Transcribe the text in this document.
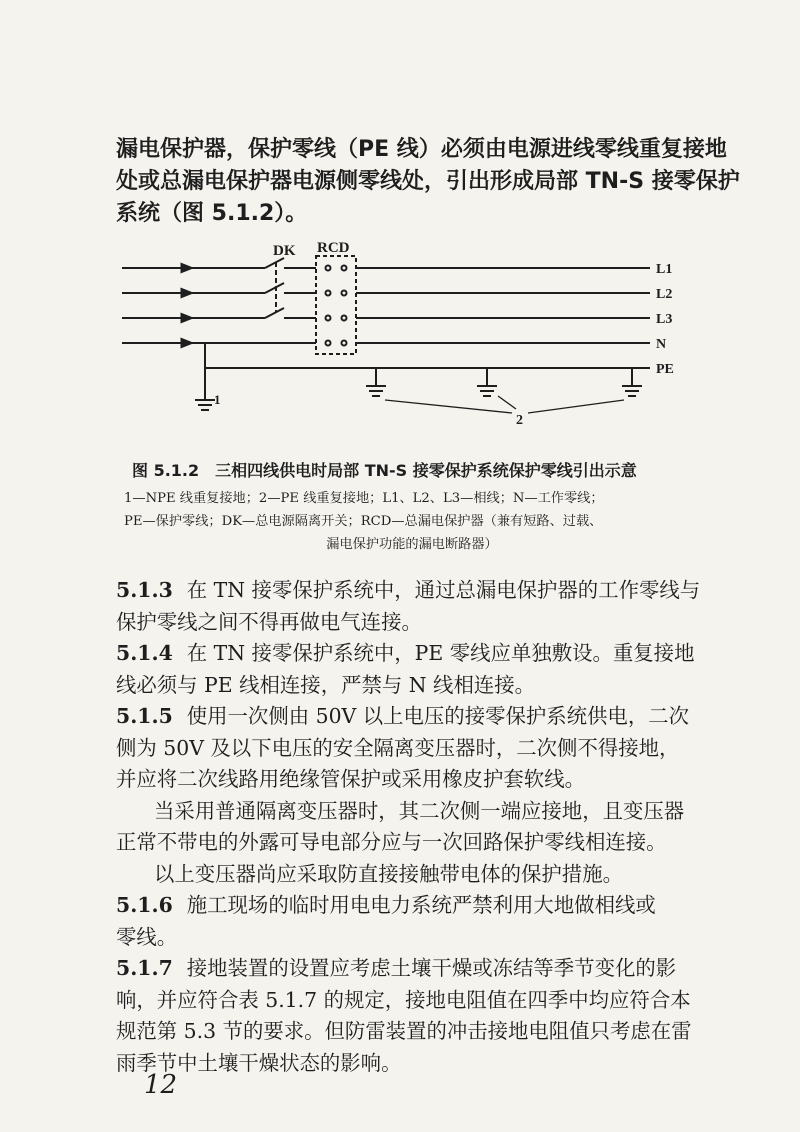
漏电保护器，保护零线（PE 线）必须由电源进线零线重复接地
处或总漏电保护器电源侧零线处，引出形成局部 TN-S 接零保护
系统（图 5.1.2）。
DK RCD
L1
L2
L3
N
PE
1
2
图 5.1.2　三相四线供电时局部 TN-S 接零保护系统保护零线引出示意
1—NPE 线重复接地；2—PE 线重复接地；L1、L2、L3—相线；N—工作零线；
PE—保护零线；DK—总电源隔离开关；RCD—总漏电保护器（兼有短路、过载、
漏电保护功能的漏电断路器）
5.1.3 在 TN 接零保护系统中，通过总漏电保护器的工作零线与
保护零线之间不得再做电气连接。
5.1.4 在 TN 接零保护系统中，PE 零线应单独敷设。重复接地
线必须与 PE 线相连接，严禁与 N 线相连接。
5.1.5 使用一次侧由 50V 以上电压的接零保护系统供电，二次
侧为 50V 及以下电压的安全隔离变压器时，二次侧不得接地，
并应将二次线路用绝缘管保护或采用橡皮护套软线。
当采用普通隔离变压器时，其二次侧一端应接地，且变压器
正常不带电的外露可导电部分应与一次回路保护零线相连接。
以上变压器尚应采取防直接接触带电体的保护措施。
5.1.6 施工现场的临时用电电力系统严禁利用大地做相线或
零线。
5.1.7 接地装置的设置应考虑土壤干燥或冻结等季节变化的影
响，并应符合表 5.1.7 的规定，接地电阻值在四季中均应符合本
规范第 5.3 节的要求。但防雷装置的冲击接地电阻值只考虑在雷
雨季节中土壤干燥状态的影响。
12
